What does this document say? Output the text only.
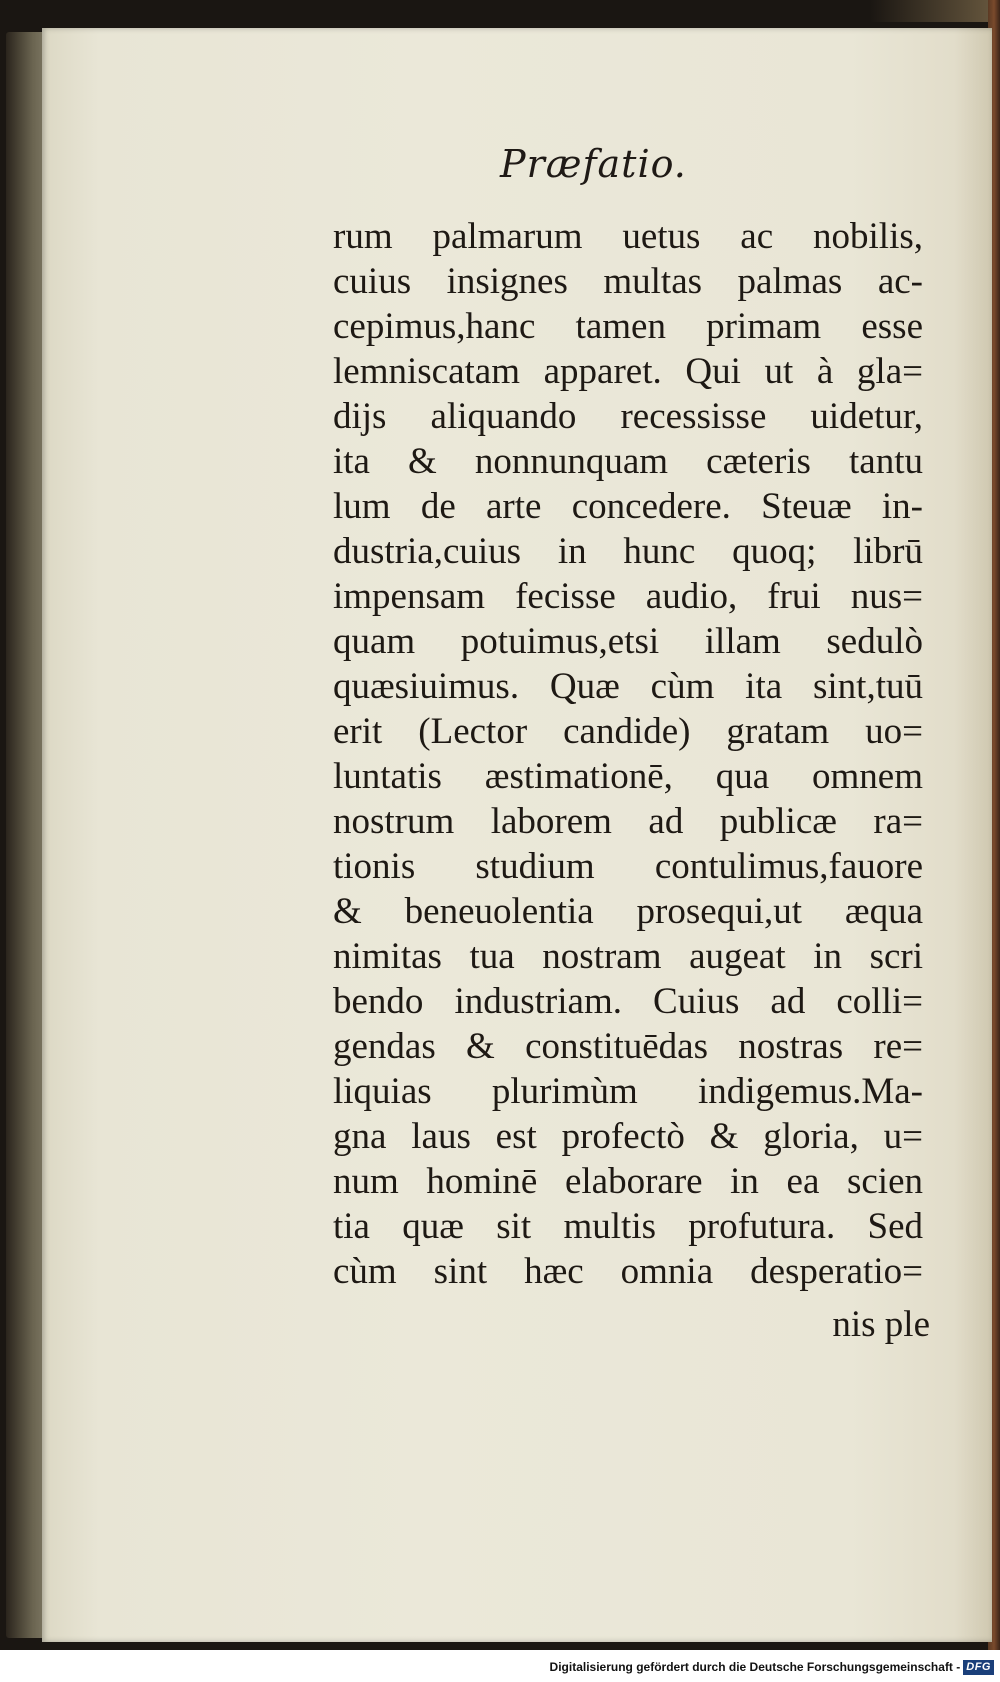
Præfatio.
rum palmarum uetus ac nobilis,
cuius insignes multas palmas ac-
cepimus,hanc tamen primam esse
lemniscatam apparet. Qui ut à gla=
dijs aliquando recessisse uidetur,
ita & nonnunquam cæteris tantu
lum de arte concedere. Steuæ in-
dustria,cuius in hunc quoq; librū
impensam fecisse audio, frui nus=
quam potuimus,etsi illam sedulò
quæsiuimus. Quæ cùm ita sint,tuū
erit (Lector candide) gratam uo=
luntatis æstimationē, qua omnem
nostrum laborem ad publicæ ra=
tionis studium contulimus,fauore
& beneuolentia prosequi,ut æqua
nimitas tua nostram augeat in scri
bendo industriam. Cuius ad colli=
gendas & constituēdas nostras re=
liquias plurimùm indigemus.Ma-
gna laus est profectò & gloria, u=
num hominē elaborare in ea scien
tia quæ sit multis profutura. Sed
cùm sint hæc omnia desperatio=
nis ple
Digitalisierung gefördert durch die Deutsche Forschungsgemeinschaft - DFG
